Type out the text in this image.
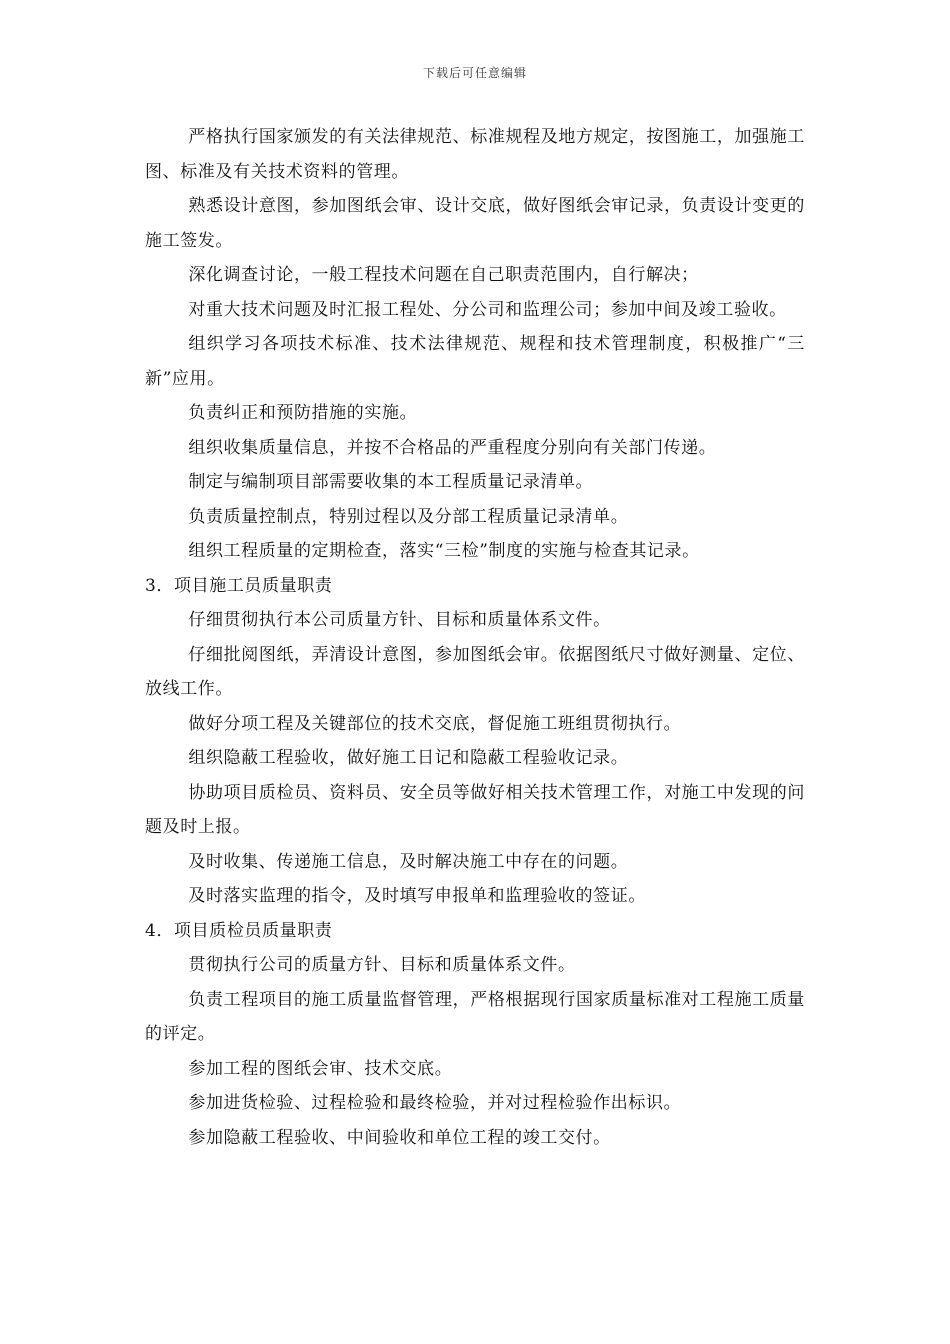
下载后可任意编辑

严格执行国家颁发的有关法律规范、标准规程及地方规定，按图施工，加强施工图、标准及有关技术资料的管理。

熟悉设计意图，参加图纸会审、设计交底，做好图纸会审记录，负责设计变更的施工签发。

深化调查讨论，一般工程技术问题在自己职责范围内，自行解决；

对重大技术问题及时汇报工程处、分公司和监理公司；参加中间及竣工验收。

组织学习各项技术标准、技术法律规范、规程和技术管理制度，积极推广“三新”应用。

负责纠正和预防措施的实施。

组织收集质量信息，并按不合格品的严重程度分别向有关部门传递。

制定与编制项目部需要收集的本工程质量记录清单。

负责质量控制点，特别过程以及分部工程质量记录清单。

组织工程质量的定期检查，落实“三检”制度的实施与检查其记录。

3．项目施工员质量职责

仔细贯彻执行本公司质量方针、目标和质量体系文件。

仔细批阅图纸，弄清设计意图，参加图纸会审。依据图纸尺寸做好测量、定位、放线工作。

做好分项工程及关键部位的技术交底，督促施工班组贯彻执行。

组织隐蔽工程验收，做好施工日记和隐蔽工程验收记录。

协助项目质检员、资料员、安全员等做好相关技术管理工作，对施工中发现的问题及时上报。

及时收集、传递施工信息，及时解决施工中存在的问题。

及时落实监理的指令，及时填写申报单和监理验收的签证。

4．项目质检员质量职责

贯彻执行公司的质量方针、目标和质量体系文件。

负责工程项目的施工质量监督管理，严格根据现行国家质量标准对工程施工质量的评定。

参加工程的图纸会审、技术交底。

参加进货检验、过程检验和最终检验，并对过程检验作出标识。

参加隐蔽工程验收、中间验收和单位工程的竣工交付。
